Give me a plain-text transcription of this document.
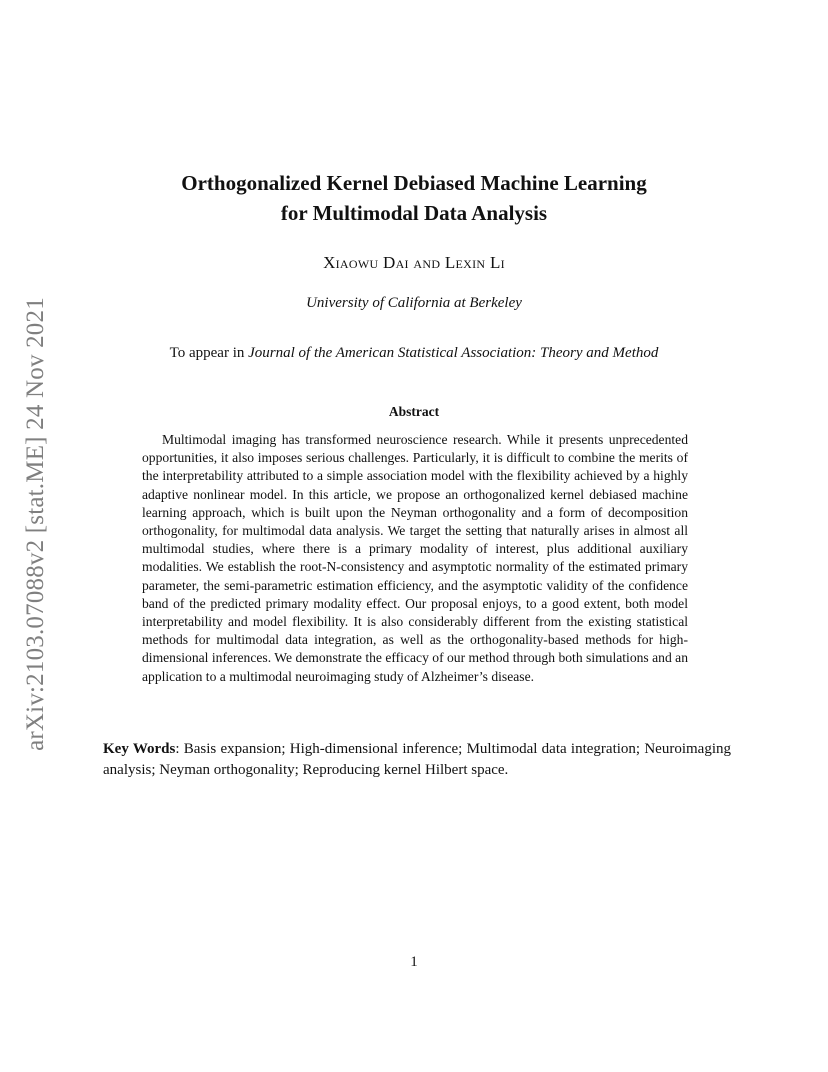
arXiv:2103.07088v2 [stat.ME] 24 Nov 2021
Orthogonalized Kernel Debiased Machine Learning
for Multimodal Data Analysis
Xiaowu Dai and Lexin Li
University of California at Berkeley
To appear in Journal of the American Statistical Association: Theory and Method
Abstract

Multimodal imaging has transformed neuroscience research. While it presents unprecedented opportunities, it also imposes serious challenges. Particularly, it is difficult to combine the merits of the interpretability attributed to a simple association model with the flexibility achieved by a highly adaptive nonlinear model. In this article, we propose an orthogonalized kernel debiased machine learning approach, which is built upon the Neyman orthogonality and a form of decomposition orthogonality, for multimodal data analysis. We target the setting that naturally arises in almost all multimodal studies, where there is a primary modality of interest, plus additional auxiliary modalities. We establish the root-N-consistency and asymptotic normality of the estimated primary parameter, the semi-parametric estimation efficiency, and the asymptotic validity of the confidence band of the predicted primary modality effect. Our proposal enjoys, to a good extent, both model interpretability and model flexibility. It is also considerably different from the existing statistical methods for multimodal data integration, as well as the orthogonality-based methods for high-dimensional inferences. We demonstrate the efficacy of our method through both simulations and an application to a multimodal neuroimaging study of Alzheimer’s disease.

Key Words: Basis expansion; High-dimensional inference; Multimodal data integration; Neuroimaging analysis; Neyman orthogonality; Reproducing kernel Hilbert space.

1
